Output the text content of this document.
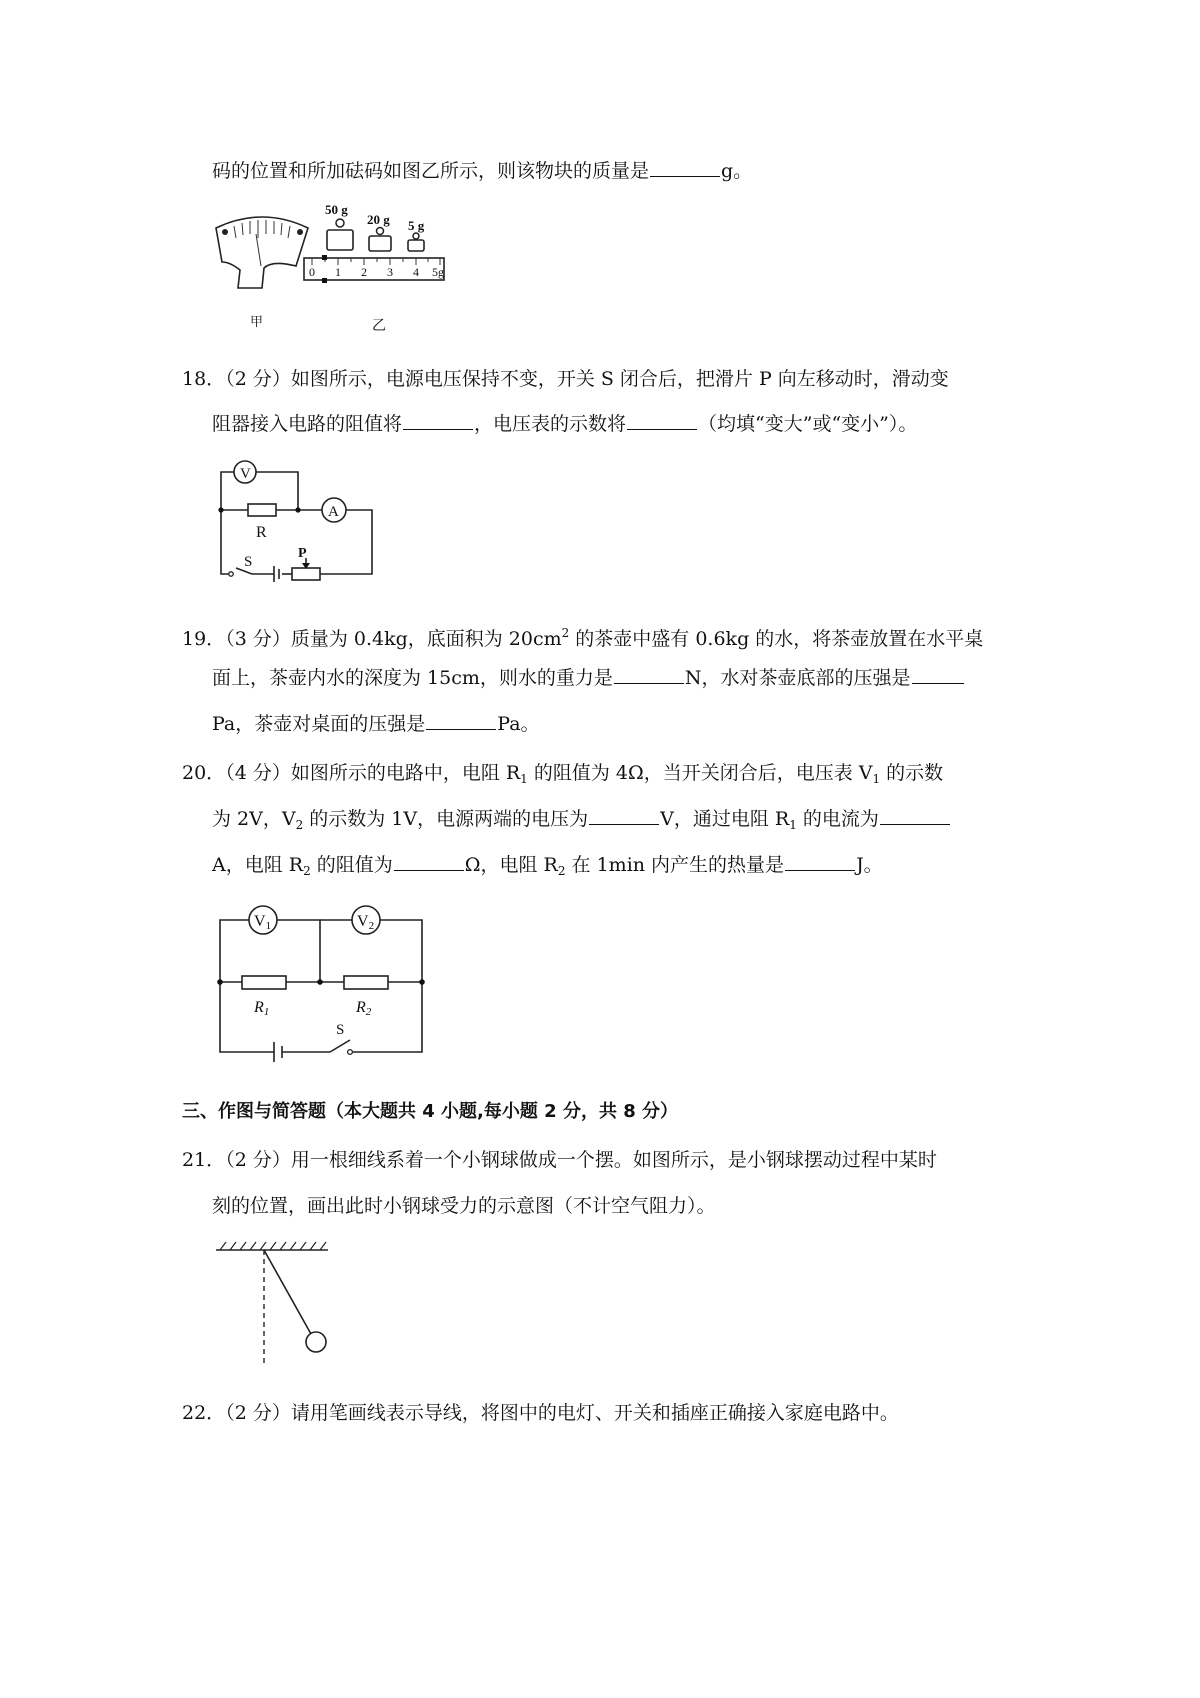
码的位置和所加砝码如图乙所示，则该物块的质量是	g。
甲
50 g
20 g 5 g
0 1 2 3 4 5g
乙
18．（2 分）如图所示，电源电压保持不变，开关 S 闭合后，把滑片 P 向左移动时，滑动变
阻器接入电路的阻值将	，电压表的示数将	（均填“变大”或“变小”）。
V
A
R
S
P
19．（3 分）质量为 0.4kg，底面积为 $20cm^2$ 的茶壶中盛有 0.6kg 的水，将茶壶放置在水平桌
面上，茶壶内水的深度为 15cm，则水的重力是	N，水对茶壶底部的压强是
Pa，茶壶对桌面的压强是	Pa。
20．（4 分）如图所示的电路中，电阻 $R_1$ 的阻值为 4Ω，当开关闭合后，电压表 $V_1$ 的示数
为 2V，$V_2$ 的示数为 1V，电源两端的电压为	V，通过电阻 $R_1$ 的电流为
A，电阻 $R_2$ 的阻值为	Ω，电阻 $R_2$ 在 1min 内产生的热量是	J。
V1	V2
R1	R2
S
三、作图与简答题（本大题共 4 小题,每小题 2 分，共 8 分）
21．（2 分）用一根细线系着一个小钢球做成一个摆。如图所示，是小钢球摆动过程中某时
刻的位置，画出此时小钢球受力的示意图（不计空气阻力）。
22．（2 分）请用笔画线表示导线，将图中的电灯、开关和插座正确接入家庭电路中。
